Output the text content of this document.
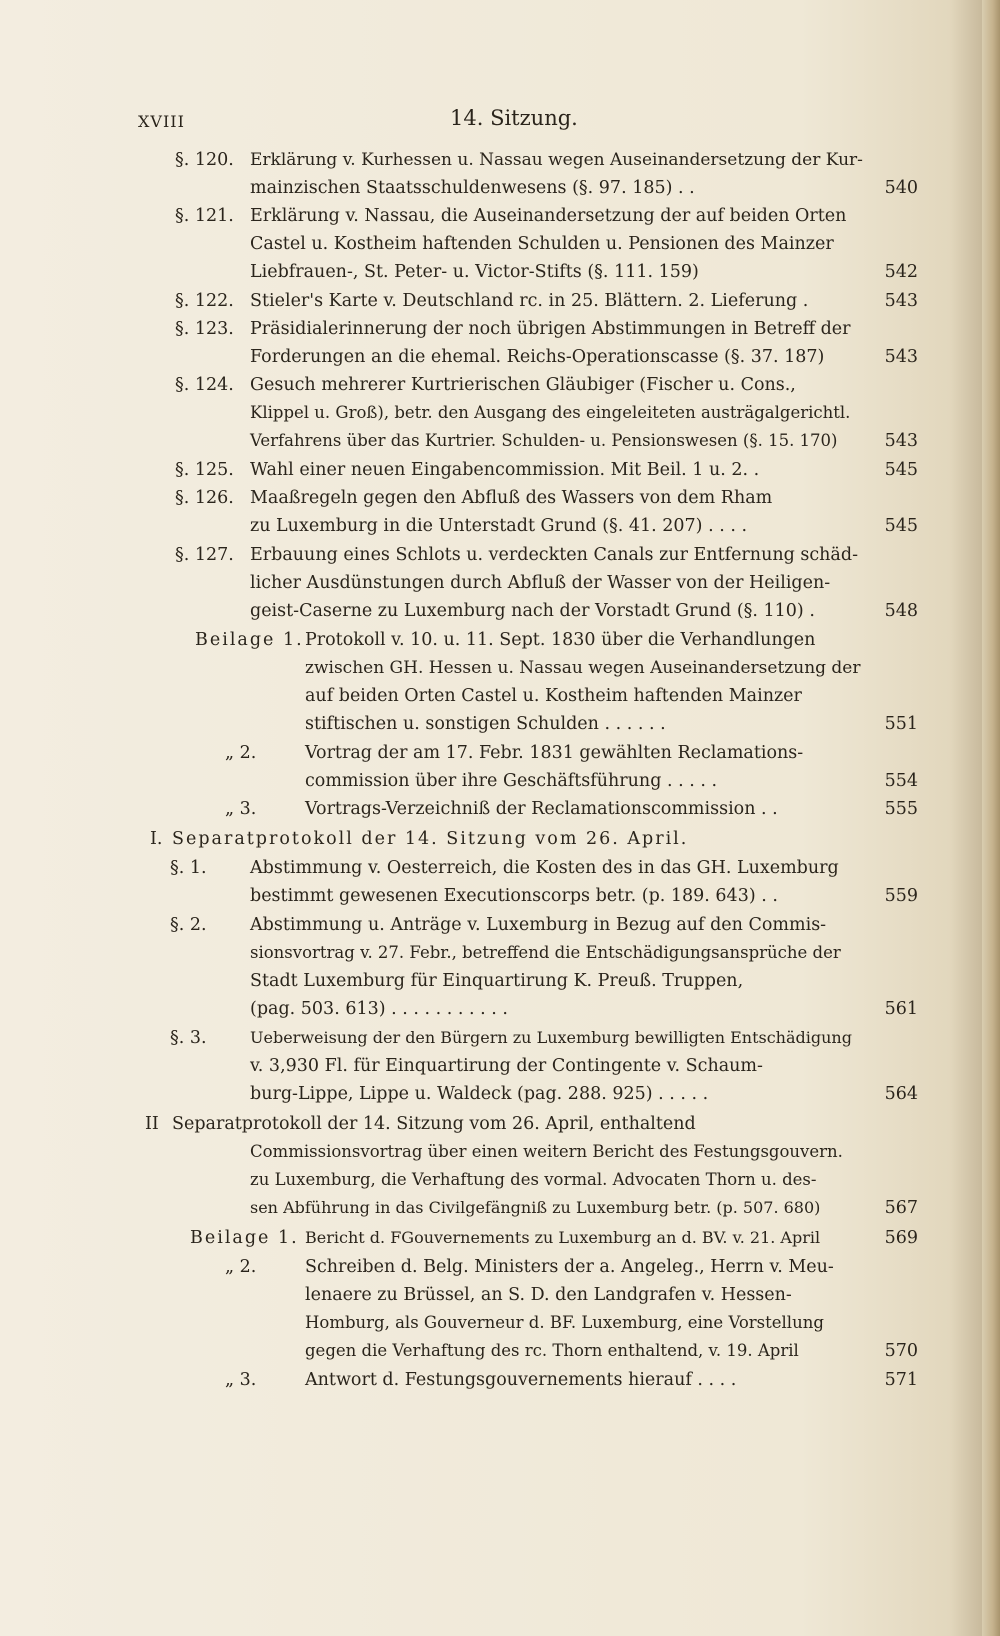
XVIII	14. Sitzung.
§. 120. Erklärung v. Kurhessen u. Nassau wegen Auseinandersetzung der Kur-
mainzischen Staatsschuldenwesens (§. 97. 185) . .	540
§. 121. Erklärung v. Nassau, die Auseinandersetzung der auf beiden Orten
Castel u. Kostheim haftenden Schulden u. Pensionen des Mainzer
Liebfrauen-, St. Peter- u. Victor-Stifts (§. 111. 159)	542
§. 122. Stieler's Karte v. Deutschland rc. in 25. Blättern. 2. Lieferung .	543
§. 123. Präsidialerinnerung der noch übrigen Abstimmungen in Betreff der
Forderungen an die ehemal. Reichs-Operationscasse (§. 37. 187)	543
§. 124. Gesuch mehrerer Kurtrierischen Gläubiger (Fischer u. Cons.,
Klippel u. Groß), betr. den Ausgang des eingeleiteten austrägalgerichtl.
Verfahrens über das Kurtrier. Schulden- u. Pensionswesen (§. 15. 170)	543
§. 125. Wahl einer neuen Eingabencommission. Mit Beil. 1 u. 2. .	545
§. 126. Maaßregeln gegen den Abfluß des Wassers von dem Rham
zu Luxemburg in die Unterstadt Grund (§. 41. 207) . . . .	545
§. 127. Erbauung eines Schlots u. verdeckten Canals zur Entfernung schäd-
licher Ausdünstungen durch Abfluß der Wasser von der Heiligen-
geist-Caserne zu Luxemburg nach der Vorstadt Grund (§. 110) .	548
Beilage 1. Protokoll v. 10. u. 11. Sept. 1830 über die Verhandlungen
zwischen GH. Hessen u. Nassau wegen Auseinandersetzung der
auf beiden Orten Castel u. Kostheim haftenden Mainzer
stiftischen u. sonstigen Schulden . . . . . .	551
„ 2.	Vortrag der am 17. Febr. 1831 gewählten Reclamations-
commission über ihre Geschäftsführung . . . . .	554
„ 3.	Vortrags-Verzeichniß der Reclamationscommission . .	555
I. Separatprotokoll der 14. Sitzung vom 26. April.
§. 1. Abstimmung v. Oesterreich, die Kosten des in das GH. Luxemburg
bestimmt gewesenen Executionscorps betr. (p. 189. 643) . .	559
§. 2. Abstimmung u. Anträge v. Luxemburg in Bezug auf den Commis-
sionsvortrag v. 27. Febr., betreffend die Entschädigungsansprüche der
Stadt Luxemburg für Einquartirung K. Preuß. Truppen,
(pag. 503. 613) . . . . . . . . . . .	561
§. 3.	Ueberweisung der den Bürgern zu Luxemburg bewilligten Entschädigung
v. 3,930 Fl. für Einquartirung der Contingente v. Schaum-
burg-Lippe, Lippe u. Waldeck (pag. 288. 925) . . . . .	564
II Separatprotokoll der 14. Sitzung vom 26. April, enthaltend
Commissionsvortrag über einen weitern Bericht des Festungsgouvern.
zu Luxemburg, die Verhaftung des vormal. Advocaten Thorn u. des-
sen Abführung in das Civilgefängniß zu Luxemburg betr. (p. 507. 680)	567
Beilage 1. Bericht d. FGouvernements zu Luxemburg an d. BV. v. 21. April	569
„ 2.	Schreiben d. Belg. Ministers der a. Angeleg., Herrn v. Meu-
lenaere zu Brüssel, an S. D. den Landgrafen v. Hessen-
Homburg, als Gouverneur d. BF. Luxemburg, eine Vorstellung
gegen die Verhaftung des rc. Thorn enthaltend, v. 19. April	570
„ 3.	Antwort d. Festungsgouvernements hierauf . . . .	571
